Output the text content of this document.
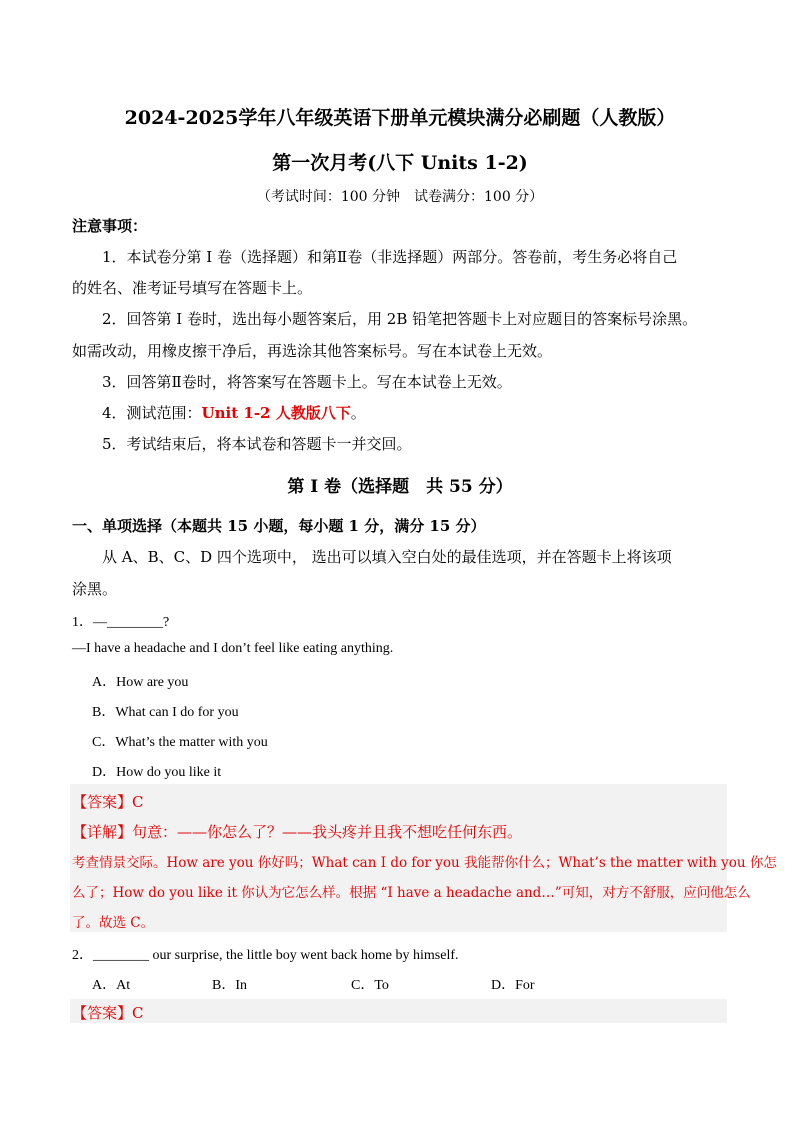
2024-2025学年八年级英语下册单元模块满分必刷题（人教版）
第一次月考(八下 Units 1-2)
（考试时间：100 分钟　试卷满分：100 分）
注意事项：
1．本试卷分第 I 卷（选择题）和第Ⅱ卷（非选择题）两部分。答卷前，考生务必将自己
的姓名、准考证号填写在答题卡上。
2．回答第 I 卷时，选出每小题答案后，用 2B 铅笔把答题卡上对应题目的答案标号涂黑。
如需改动，用橡皮擦干净后，再选涂其他答案标号。写在本试卷上无效。
3．回答第Ⅱ卷时，将答案写在答题卡上。写在本试卷上无效。
4．测试范围：Unit 1-2 人教版八下。
5．考试结束后，将本试卷和答题卡一并交回。
第 I 卷（选择题　共 55 分）
一、单项选择（本题共 15 小题，每小题 1 分，满分 15 分）
从 A、B、C、D 四个选项中， 选出可以填入空白处的最佳选项，并在答题卡上将该项
涂黑。
1．—________?
—I have a headache and I don’t feel like eating anything.
A．How are you
B．What can I do for you
C．What’s the matter with you
D．How do you like it
【答案】C
【详解】句意：——你怎么了？——我头疼并且我不想吃任何东西。
考查情景交际。How are you 你好吗；What can I do for you 我能帮你什么；What’s the matter with you 你怎
么了；How do you like it 你认为它怎么样。根据 “I have a headache and…”可知，对方不舒服，应问他怎么
了。故选 C。
2．________ our surprise, the little boy went back home by himself.
A．At	B．In	C．To	D．For
【答案】C
